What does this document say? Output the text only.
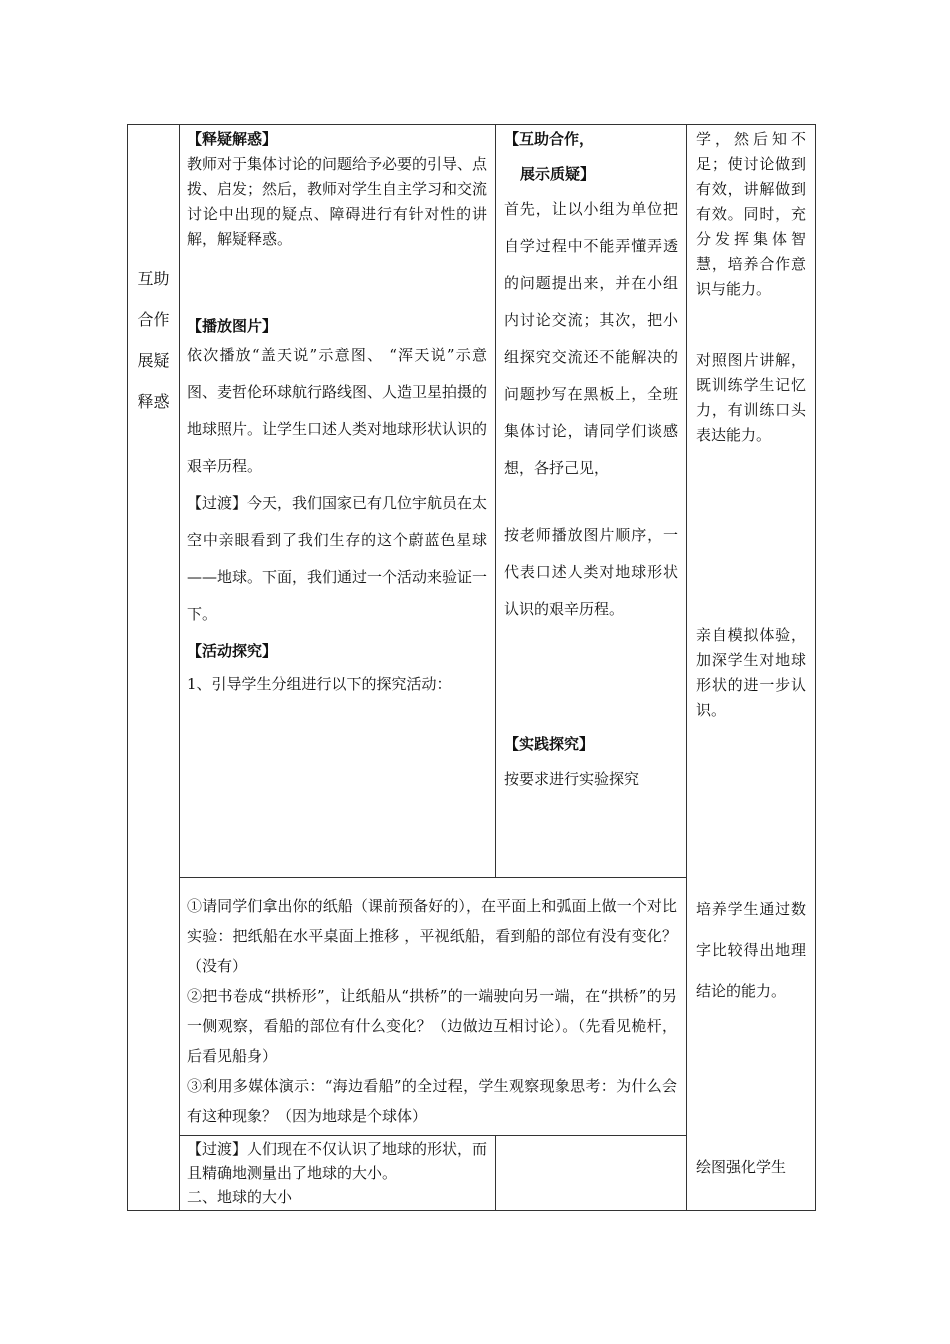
互助
合作
展疑
释惑

【释疑解惑】

教师对于集体讨论的问题给予必要的引导、点拨、启发；然后，教师对学生自主学习和交流讨论中出现的疑点、障碍进行有针对性的讲解，解疑释惑。

【播放图片】

依次播放“盖天说”示意图、 “浑天说”示意图、麦哲伦环球航行路线图、人造卫星拍摄的地球照片。让学生口述人类对地球形状认识的艰辛历程。

【过渡】今天，我们国家已有几位宇航员在太空中亲眼看到了我们生存的这个蔚蓝色星球——地球。下面，我们通过一个活动来验证一下。

【活动探究】

1、引导学生分组进行以下的探究活动：

【互助合作，

展示质疑】

首先，让以小组为单位把自学过程中不能弄懂弄透的问题提出来，并在小组内讨论交流；其次，把小组探究交流还不能解决的问题抄写在黑板上，全班集体讨论，请同学们谈感想，各抒己见，

按老师播放图片顺序，一代表口述人类对地球形状认识的艰辛历程。

【实践探究】

按要求进行实验探究

学，然后知不足；使讨论做到有效，讲解做到有效。同时，充分发挥集体智慧，培养合作意识与能力。
对照图片讲解，既训练学生记忆力，有训练口头表达能力。
亲自模拟体验，加深学生对地球形状的进一步认识。
培养学生通过数字比较得出地理结论的能力。
绘图强化学生

①请同学们拿出你的纸船（课前预备好的），在平面上和弧面上做一个对比实验：把纸船在水平桌面上推移 ，平视纸船，看到船的部位有没有变化？（没有）

②把书卷成“拱桥形”，让纸船从“拱桥”的一端驶向另一端，在“拱桥”的另一侧观察，看船的部位有什么变化？（边做边互相讨论）。（先看见桅杆，后看见船身）

③利用多媒体演示：“海边看船”的全过程，学生观察现象思考：为什么会有这种现象？（因为地球是个球体）

【过渡】人们现在不仅认识了地球的形状，而且精确地测量出了地球的大小。

二、地球的大小
